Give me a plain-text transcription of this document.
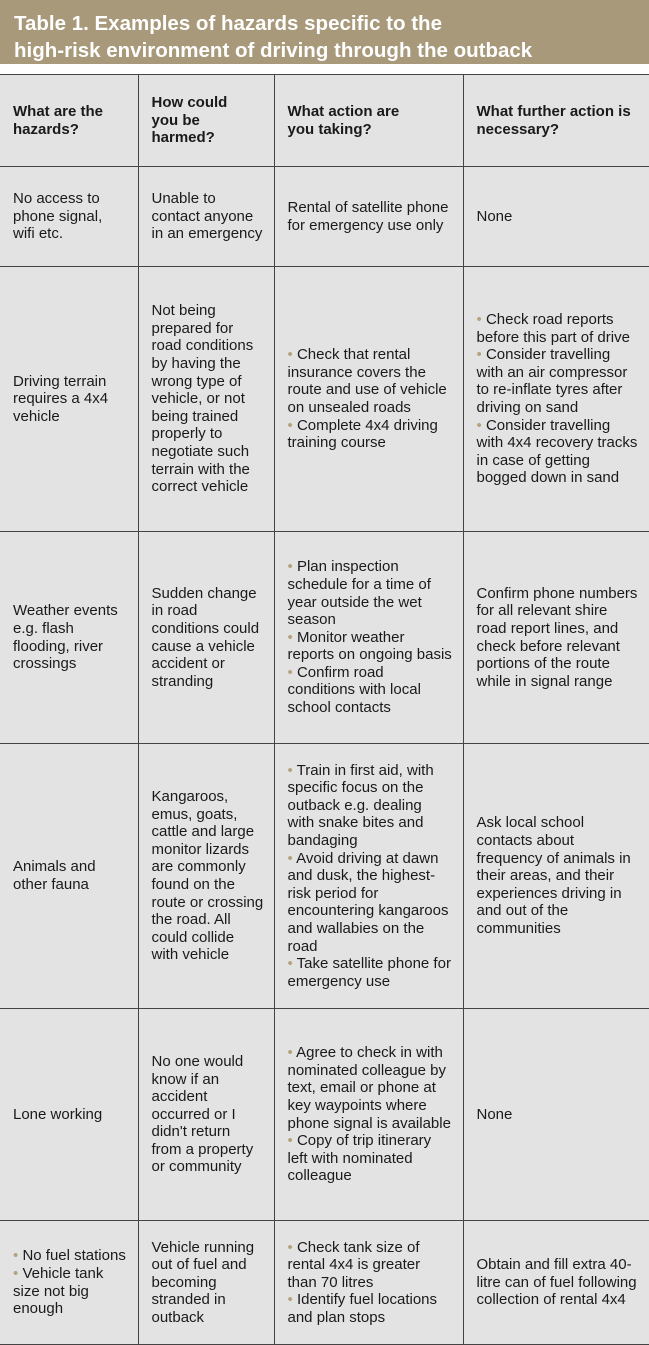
Table 1. Examples of hazards specific to the
high-risk environment of driving through the outback
What are the hazards?	How could you be harmed?	What action are you taking?	What further action is necessary?

No access to phone signal, wifi etc.	Unable to contact anyone in an emergency	Rental of satellite phone for emergency use only	None

Driving terrain requires a 4x4 vehicle	Not being prepared for road conditions by having the wrong type of vehicle, or not being trained properly to negotiate such terrain with the correct vehicle	• Check that rental insurance covers the route and use of vehicle on unsealed roads
• Complete 4x4 driving training course	• Check road reports before this part of drive
• Consider travelling with an air compressor to re-inflate tyres after driving on sand
• Consider travelling with 4x4 recovery tracks in case of getting bogged down in sand

Weather events e.g. flash flooding, river crossings	Sudden change in road conditions could cause a vehicle accident or stranding	• Plan inspection schedule for a time of year outside the wet season
• Monitor weather reports on ongoing basis
• Confirm road conditions with local school contacts	Confirm phone numbers for all relevant shire road report lines, and check before relevant portions of the route while in signal range

Animals and other fauna	Kangaroos, emus, goats, cattle and large monitor lizards are commonly found on the route or crossing the road. All could collide with vehicle	• Train in first aid, with specific focus on the outback e.g. dealing with snake bites and bandaging
• Avoid driving at dawn and dusk, the highest-risk period for encountering kangaroos and wallabies on the road
• Take satellite phone for emergency use	Ask local school contacts about frequency of animals in their areas, and their experiences driving in and out of the communities

Lone working	No one would know if an accident occurred or I didn't return from a property or community	• Agree to check in with nominated colleague by text, email or phone at key waypoints where phone signal is available
• Copy of trip itinerary left with nominated colleague	None

• No fuel stations
• Vehicle tank size not big enough	Vehicle running out of fuel and becoming stranded in outback	• Check tank size of rental 4x4 is greater than 70 litres
• Identify fuel locations and plan stops	Obtain and fill extra 40-litre can of fuel following collection of rental 4x4
